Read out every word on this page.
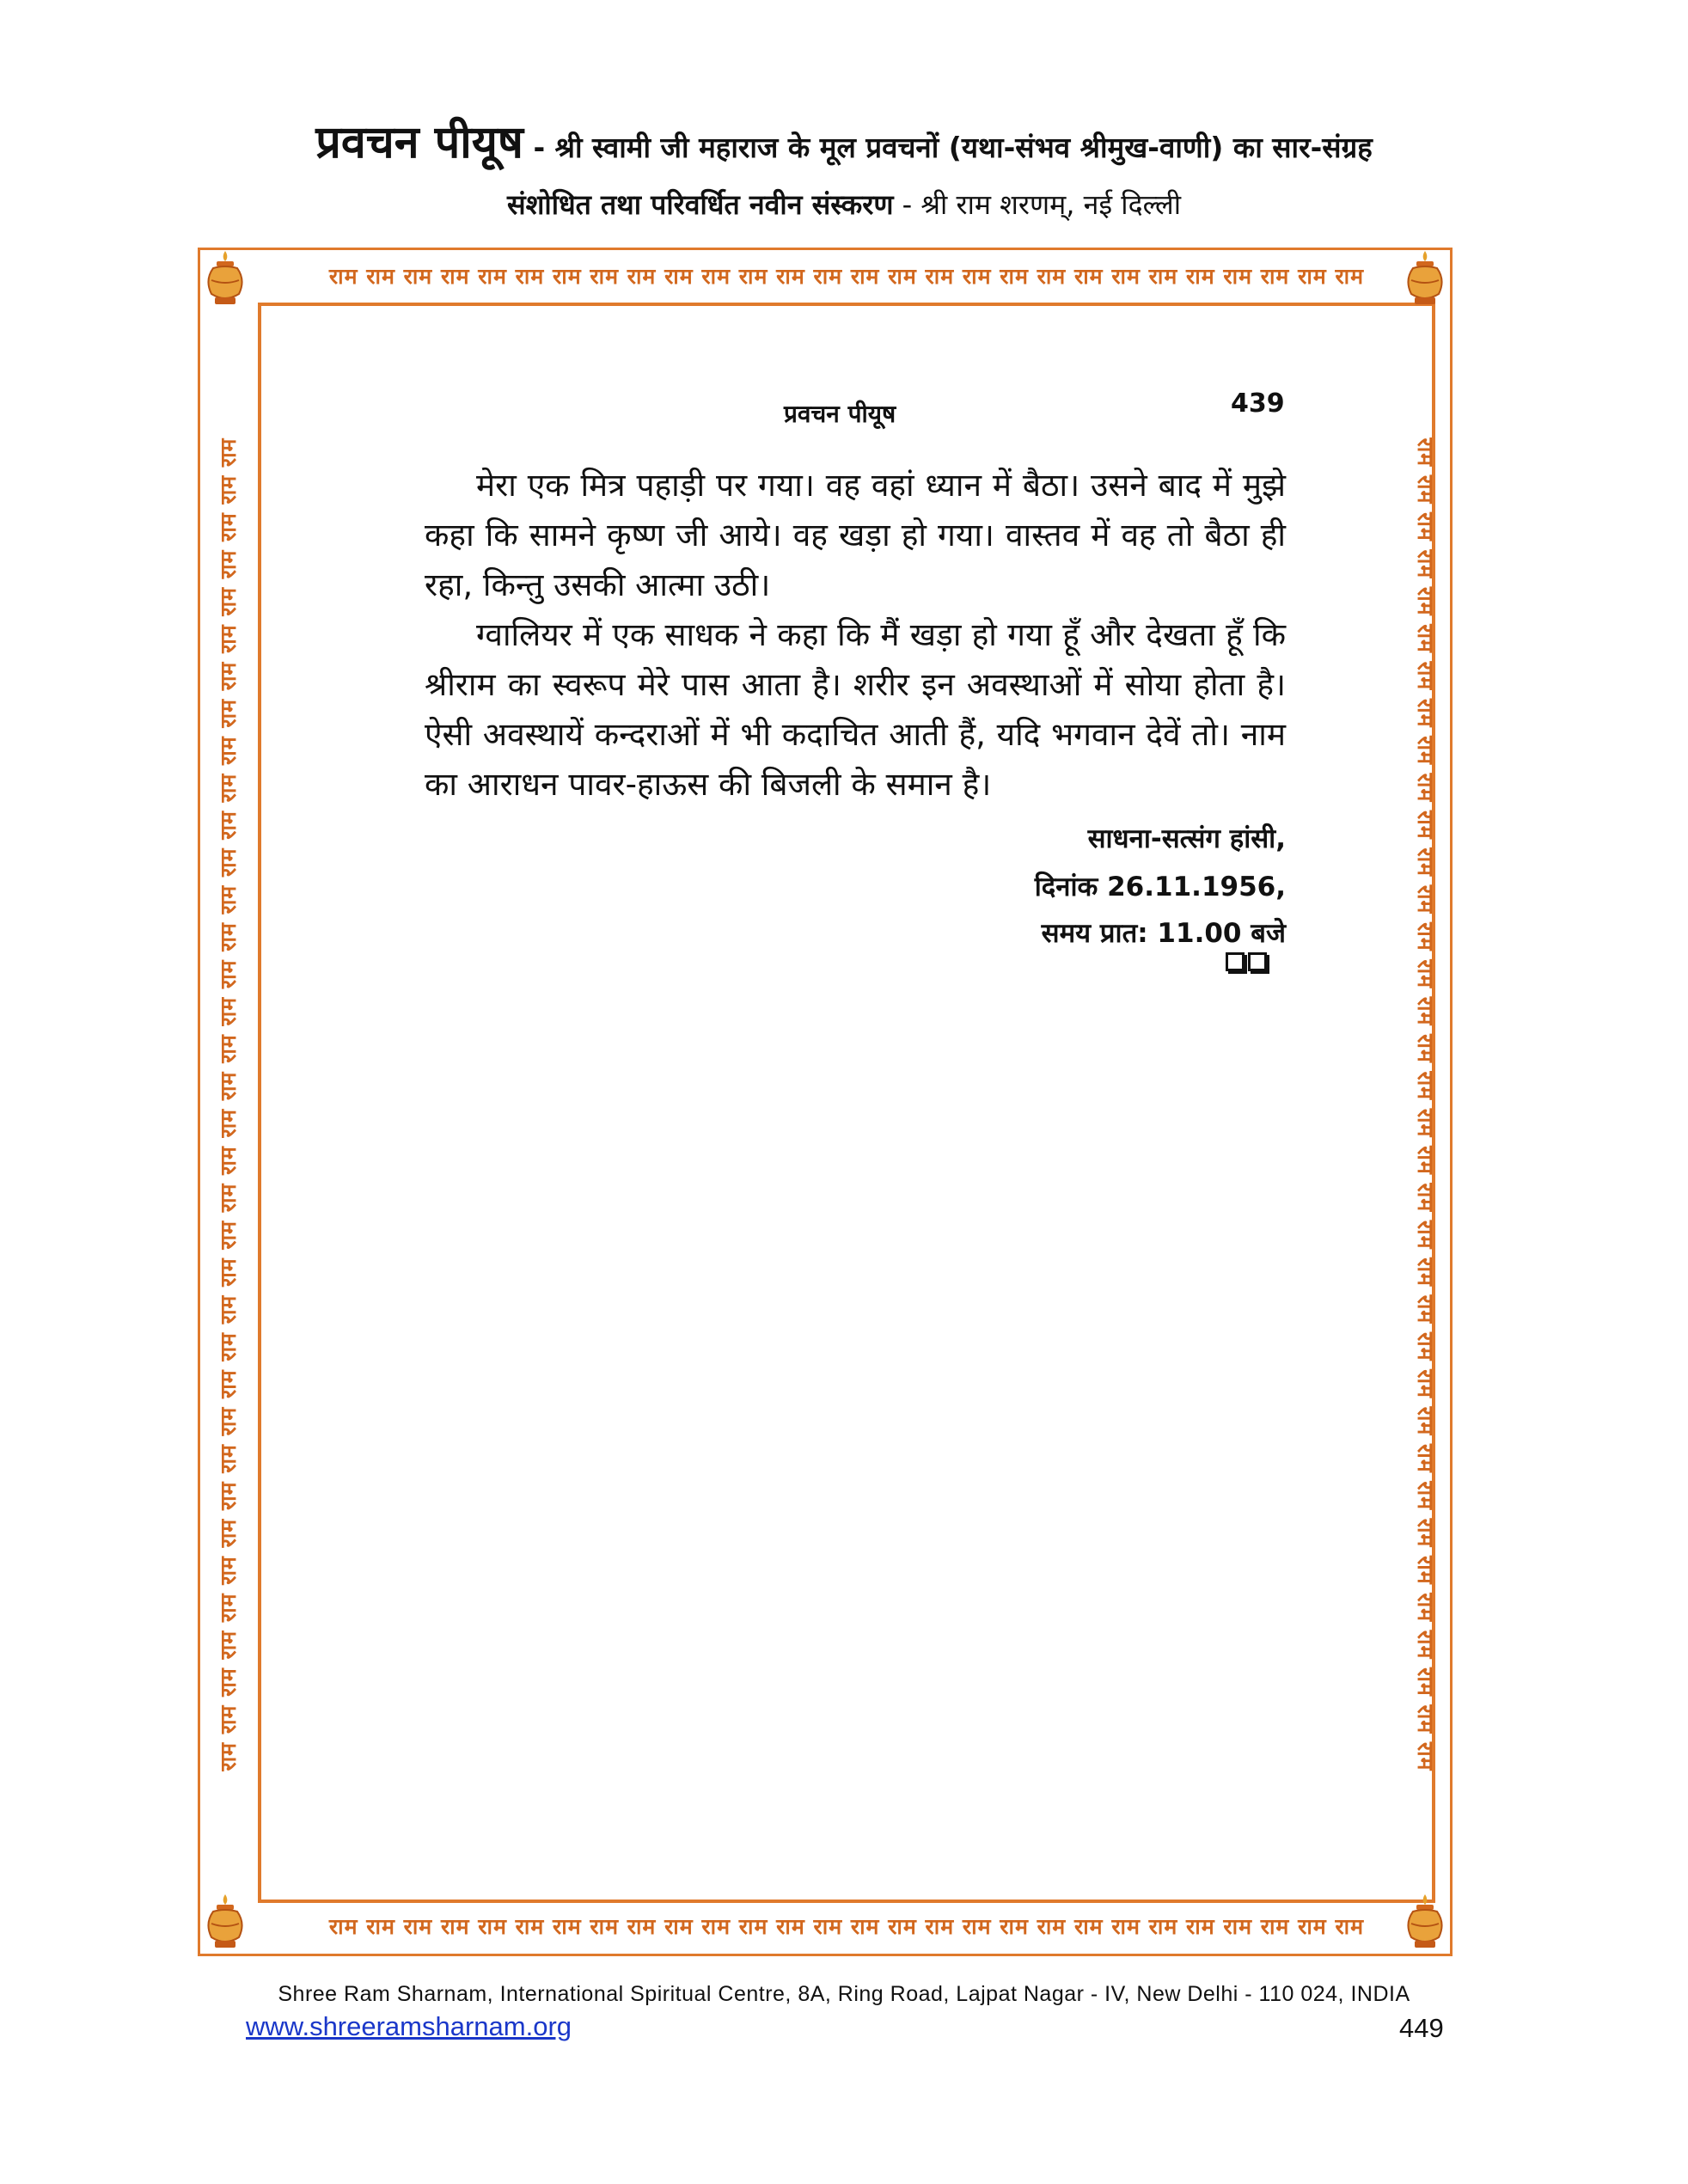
प्रवचन पीयूष - श्री स्वामी जी महाराज के मूल प्रवचनों (यथा-संभव श्रीमुख-वाणी) का सार-संग्रह
संशोधित तथा परिवर्धित नवीन संस्करण - श्री राम शरणम्, नई दिल्ली
राम राम राम राम राम राम राम राम राम राम राम राम राम राम राम राम राम राम राम राम राम राम राम राम राम राम राम राम
राम राम राम राम राम राम राम राम राम राम राम राम राम राम राम राम राम राम राम राम राम राम राम राम राम राम राम राम
राम राम राम राम राम राम राम राम राम राम राम राम राम राम राम राम राम राम राम राम राम राम राम राम राम राम राम राम राम राम राम राम राम राम राम राम	राम राम राम राम राम राम राम राम राम राम राम राम राम राम राम राम राम राम राम राम राम राम राम राम राम राम राम राम राम राम राम राम राम राम राम राम
प्रवचन पीयूष	439

मेरा एक मित्र पहाड़ी पर गया। वह वहां ध्यान में बैठा। उसने बाद में मुझे कहा कि सामने कृष्ण जी आये। वह खड़ा हो गया। वास्तव में वह तो बैठा ही रहा, किन्तु उसकी आत्मा उठी।

ग्वालियर में एक साधक ने कहा कि मैं खड़ा हो गया हूँ और देखता हूँ कि श्रीराम का स्वरूप मेरे पास आता है। शरीर इन अवस्थाओं में सोया होता है। ऐसी अवस्थायें कन्दराओं में भी कदाचित आती हैं, यदि भगवान देवें तो। नाम का आराधन पावर-हाऊस की बिजली के समान है।

साधना-सत्संग हांसी,
दिनांक 26.11.1956,
समय प्रात: 11.00 बजे
Shree Ram Sharnam, International Spiritual Centre, 8A, Ring Road, Lajpat Nagar - IV, New Delhi - 110 024, INDIA
www.shreeramsharnam.org	449
